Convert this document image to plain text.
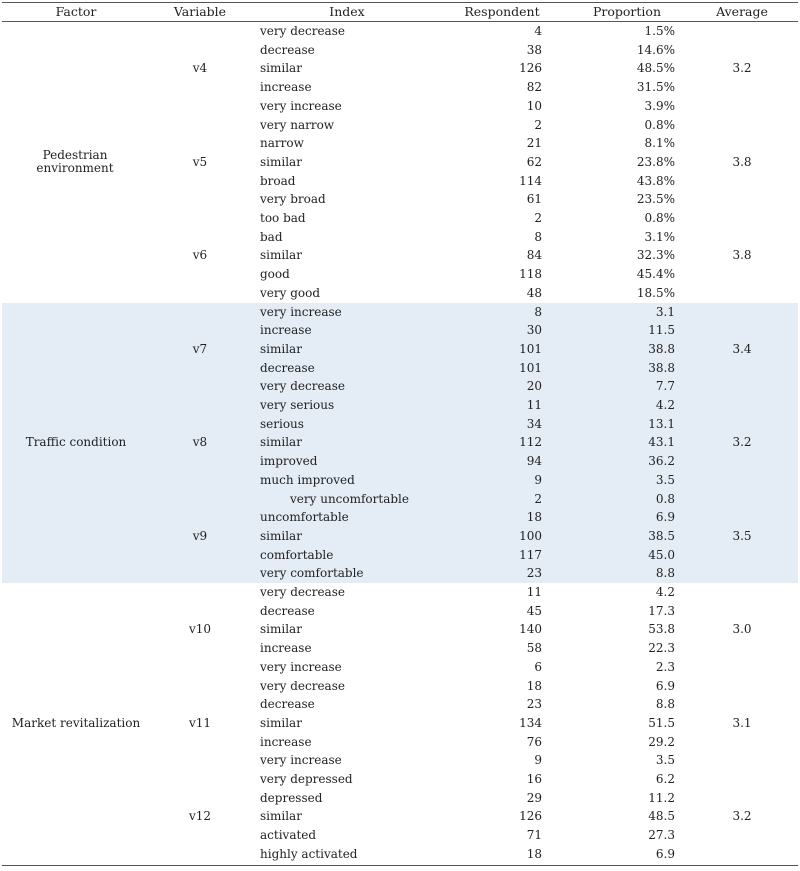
Factor	Variable	Index	Respondent	Proportion	Average
Pedestrian environment
v4	3.2
very decrease	4	1.5%
decrease	38	14.6%
similar	126	48.5%
increase	82	31.5%
very increase	10	3.9%
v5	3.8
very narrow	2	0.8%
narrow	21	8.1%
similar	62	23.8%
broad	114	43.8%
very broad	61	23.5%
v6	3.8
too bad	2	0.8%
bad	8	3.1%
similar	84	32.3%
good	118	45.4%
very good	48	18.5%
Traffic condition
v7	3.4
very increase	8	3.1
increase	30	11.5
similar	101	38.8
decrease	101	38.8
very decrease	20	7.7
v8	3.2
very serious	11	4.2
serious	34	13.1
similar	112	43.1
improved	94	36.2
much improved	9	3.5
v9	3.5
very uncomfortable	2	0.8
uncomfortable	18	6.9
similar	100	38.5
comfortable	117	45.0
very comfortable	23	8.8
Market revitalization
v10	3.0
very decrease	11	4.2
decrease	45	17.3
similar	140	53.8
increase	58	22.3
very increase	6	2.3
v11	3.1
very decrease	18	6.9
decrease	23	8.8
similar	134	51.5
increase	76	29.2
very increase	9	3.5
v12	3.2
very depressed	16	6.2
depressed	29	11.2
similar	126	48.5
activated	71	27.3
highly activated	18	6.9
